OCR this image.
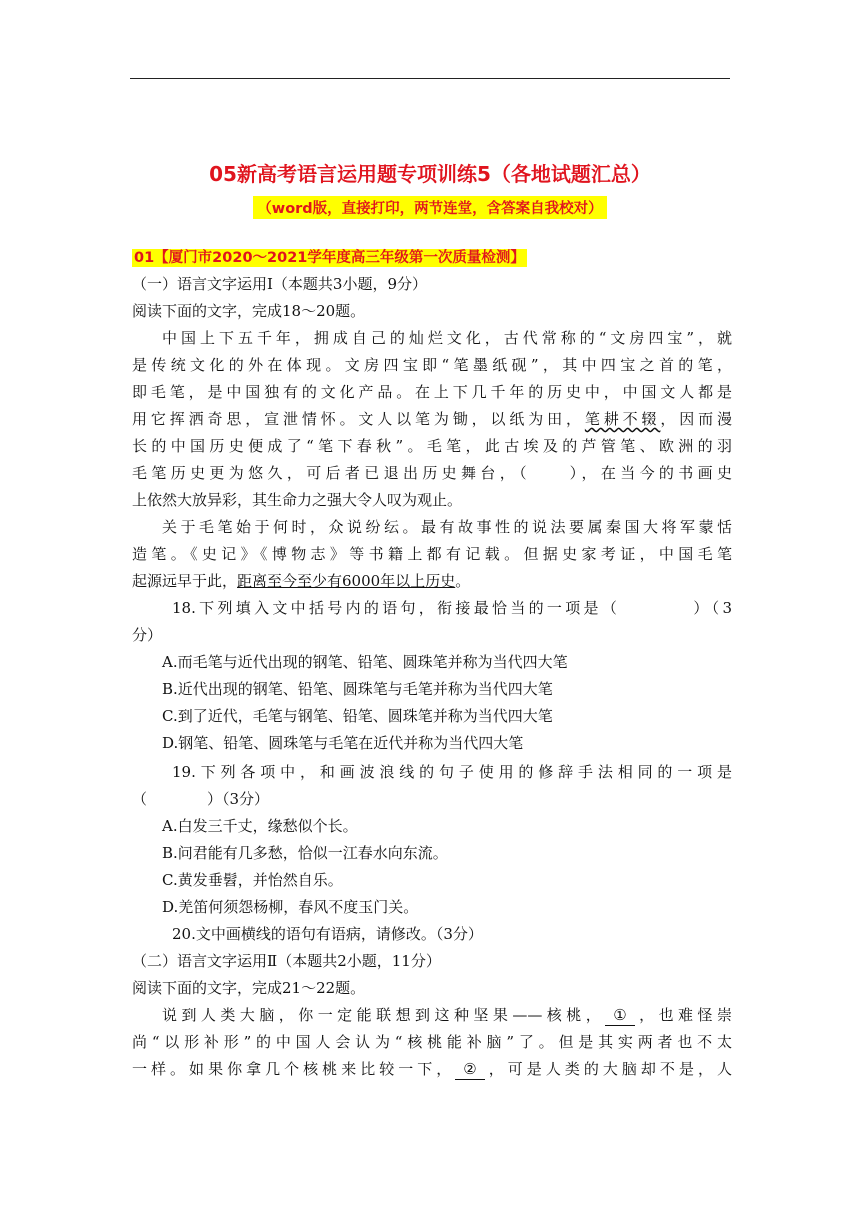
05新高考语言运用题专项训练5（各地试题汇总）
（word版，直接打印，两节连堂，含答案自我校对）
01【厦门市2020～2021学年度高三年级第一次质量检测】
（一）语言文字运用Ⅰ（本题共3小题，9分）
阅读下面的文字，完成18～20题。
中国上下五千年，拥成自己的灿烂文化，古代常称的“文房四宝”，就
是传统文化的外在体现。文房四宝即“笔墨纸砚”，其中四宝之首的笔，
即毛笔，是中国独有的文化产品。在上下几千年的历史中，中国文人都是
用它挥洒奇思，宣泄情怀。文人以笔为锄，以纸为田，笔耕不辍，因而漫
长的中国历史便成了“笔下春秋”。毛笔，此古埃及的芦管笔、欧洲的羽
毛笔历史更为悠久，可后者已退出历史舞台，（　　），在当今的书画史
上依然大放异彩，其生命力之强大令人叹为观止。
关于毛笔始于何时，众说纷纭。最有故事性的说法要属秦国大将军蒙恬
造笔。《史记》《博物志》等书籍上都有记载。但据史家考证，中国毛笔
起源远早于此，距离至今至少有6000年以上历史。
18.下列填入文中括号内的语句，衔接最恰当的一项是（　　　　）（3
分）
A.而毛笔与近代出现的钢笔、铅笔、圆珠笔并称为当代四大笔
B.近代出现的钢笔、铅笔、圆珠笔与毛笔并称为当代四大笔
C.到了近代，毛笔与钢笔、铅笔、圆珠笔并称为当代四大笔
D.钢笔、铅笔、圆珠笔与毛笔在近代并称为当代四大笔
19.下列各项中，和画波浪线的句子使用的修辞手法相同的一项是
（　　　　）（3分）
A.白发三千丈，缘愁似个长。
B.问君能有几多愁，恰似一江春水向东流。
C.黄发垂髫，并怡然自乐。
D.羌笛何须怨杨柳，春风不度玉门关。
20.文中画横线的语句有语病，请修改。（3分）
（二）语言文字运用Ⅱ（本题共2小题，11分）
阅读下面的文字，完成21～22题。
说到人类大脑，你一定能联想到这种坚果——核桃， ① ，也难怪崇
尚“以形补形”的中国人会认为“核桃能补脑”了。但是其实两者也不太
一样。如果你拿几个核桃来比较一下， ② ，可是人类的大脑却不是，人
